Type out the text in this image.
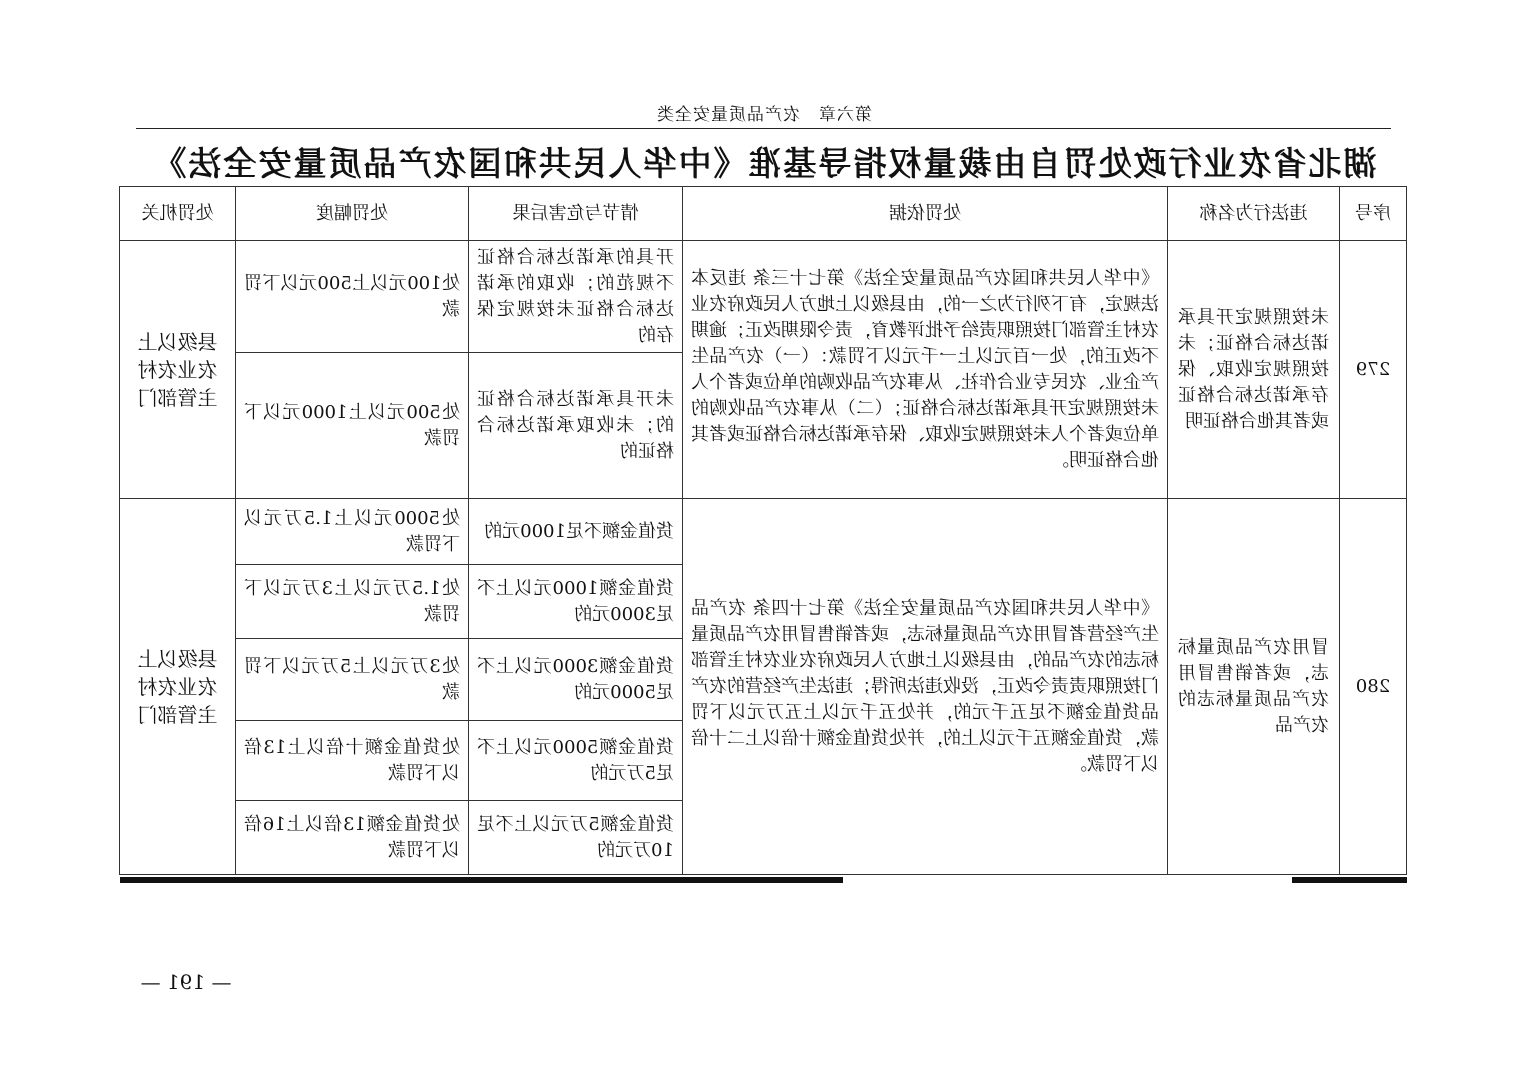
第六章　农产品质量安全类
湖北省农业行政处罚自由裁量权指导基准《中华人民共和国农产品质量安全法》
序号	违法行为名称	处罚依据	情节与危害后果	处罚幅度	处罚机关
279	未按照规定开具承诺达标合格证；未按照规定收取、保存承诺达标合格证或者其他合格证明	《中华人民共和国农产品质量安全法》第七十三条 违反本法规定，有下列行为之一的，由县级以上地方人民政府农业农村主管部门按照职责给予批评教育，责令限期改正；逾期不改正的，处一百元以上一千元以下罚款：（一）农产品生产企业、农民专业合作社、从事农产品收购的单位或者个人未按照规定开具承诺达标合格证；（二）从事农产品收购的单位或者个人未按照规定收取、保存承诺达标合格证或者其他合格证明。	开具的承诺达标合格证不规范的；收取的承诺达标合格证未按规定保存的	处100元以上500元以下罚款	县级以上农业农村主管部门
			未开具承诺达标合格证的；未收取承诺达标合格证的	处500元以上1000元以下罚款	
280	冒用农产品质量标志，或者销售冒用农产品质量标志的农产品	《中华人民共和国农产品质量安全法》第七十四条 农产品生产经营者冒用农产品质量标志，或者销售冒用农产品质量标志的农产品的，由县级以上地方人民政府农业农村主管部门按照职责责令改正，没收违法所得；违法生产经营的农产品货值金额不足五千元的，并处五千元以上五万元以下罚款，货值金额五千元以上的，并处货值金额十倍以上二十倍以下罚款。	货值金额不足1000元的	处5000元以上1.5万元以下罚款	县级以上农业农村主管部门
			货值金额1000元以上不足3000元的	处1.5万元以上3万元以下罚款	
			货值金额3000元以上不足5000元的	处3万元以上5万元以下罚款	
			货值金额5000元以上不足5万元的	处货值金额十倍以上13倍以下罚款	
			货值金额5万元以上不足10万元的	处货值金额13倍以上16倍以下罚款	
— 191 —
